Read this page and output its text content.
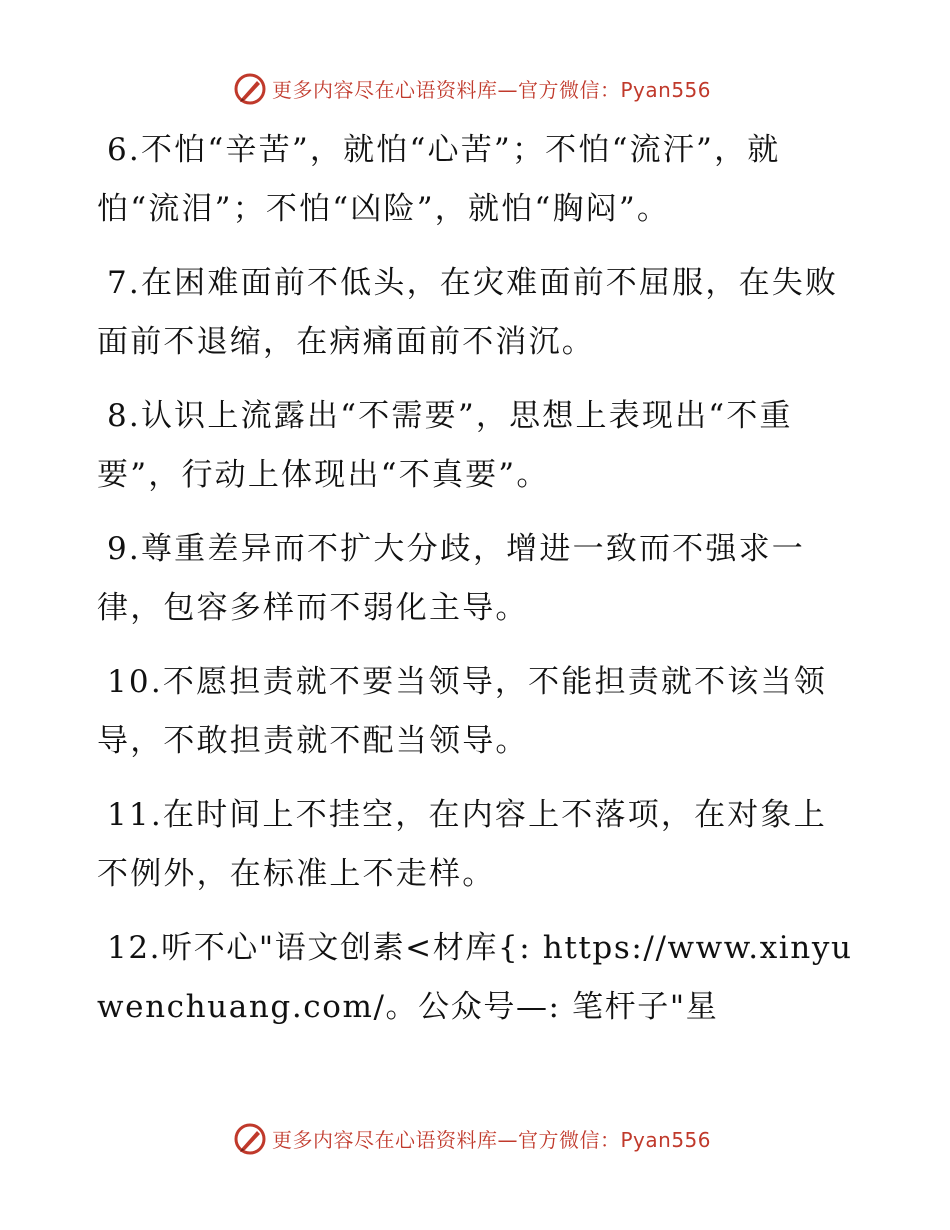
更多内容尽在心语资料库—官方微信：Pyan556

6.不怕“辛苦”，就怕“心苦”；不怕“流汗”，就怕“流泪”；不怕“凶险”，就怕“胸闷”。

7.在困难面前不低头，在灾难面前不屈服，在失败面前不退缩，在病痛面前不消沉。

8.认识上流露出“不需要”，思想上表现出“不重要”，行动上体现出“不真要”。

9.尊重差异而不扩大分歧，增进一致而不强求一律，包容多样而不弱化主导。

10.不愿担责就不要当领导，不能担责就不该当领导，不敢担责就不配当领导。

11.在时间上不挂空，在内容上不落项，在对象上不例外，在标准上不走样。

12.听不心"语文创素<材库{: https://www.xinyuwenchuang.com/。公众号—: 笔杆子"星

更多内容尽在心语资料库—官方微信：Pyan556
